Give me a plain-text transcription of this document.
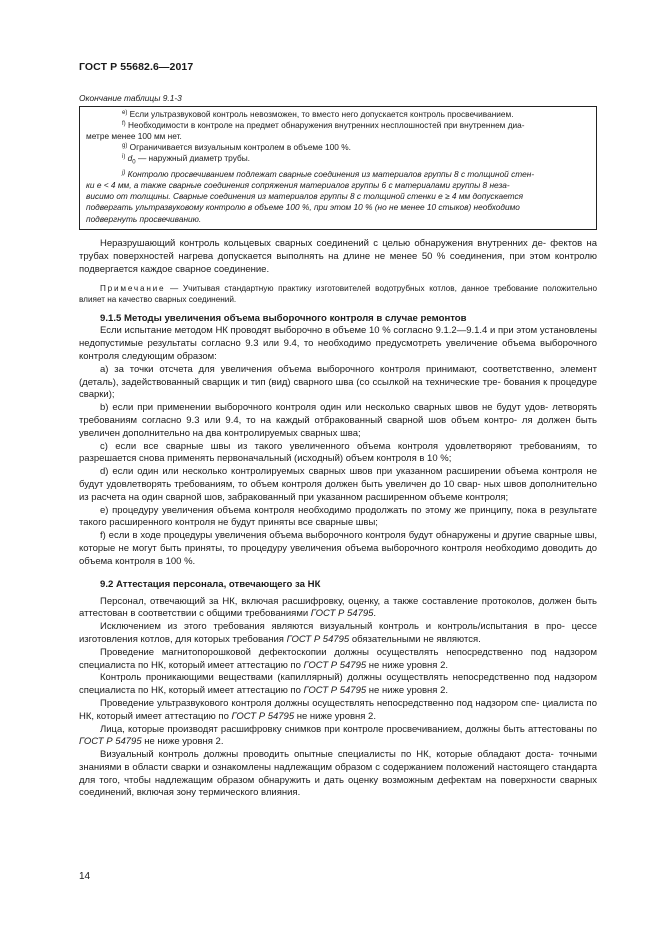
ГОСТ Р 55682.6—2017
Окончание таблицы 9.1-3
$^{e)}$ Если ультразвуковой контроль невозможен, то вместо него допускается контроль просвечиванием.
$^{f)}$ Необходимости в контроле на предмет обнаружения внутренних несплошностей при внутреннем диа-
метре менее 100 мм нет.
$^{g)}$ Ограничивается визуальным контролем в объеме 100 %.
$^{i)}$ $d_0$ — наружный диаметр трубы.
$^{j)}$ Контролю просвечиванием подлежат сварные соединения из материалов группы 8 с толщиной стен-
ки е < 4 мм, а также сварные соединения сопряжения материалов группы 6 с материалами группы 8 неза-
висимо от толщины. Сварные соединения из материалов группы 8 с толщиной стенки е ≥ 4 мм допускается
подвергать ультразвуковому контролю в объеме 100 %, при этом 10 % (но не менее 10 стыков) необходимо
подвергнуть просвечиванию.

Неразрушающий контроль кольцевых сварных соединений с целью обнаружения внутренних де- фектов на трубах поверхностей нагрева допускается выполнять на длине не менее 50 % соединения, при этом контролю подвергается каждое сварное соединение.

Примечание — Учитывая стандартную практику изготовителей водотрубных котлов, данное требование положительно влияет на качество сварных соединений.

9.1.5 Методы увеличения объема выборочного контроля в случае ремонтов

Если испытание методом НК проводят выборочно в объеме 10 % согласно 9.1.2—9.1.4 и при этом установлены недопустимые результаты согласно 9.3 или 9.4, то необходимо предусмотреть увеличение объема выборочного контроля следующим образом:

а) за точки отсчета для увеличения объема выборочного контроля принимают, соответственно, элемент (деталь), задействованный сварщик и тип (вид) сварного шва (со ссылкой на технические тре- бования к процедуре сварки);

b) если при применении выборочного контроля один или несколько сварных швов не будут удов- летворять требованиям согласно 9.3 или 9.4, то на каждый отбракованный сварной шов объем контро- ля должен быть увеличен дополнительно на два контролируемых сварных шва;

с) если все сварные швы из такого увеличенного объема контроля удовлетворяют требованиям, то разрешается снова применять первоначальный (исходный) объем контроля в 10 %;

d) если один или несколько контролируемых сварных швов при указанном расширении объема контроля не будут удовлетворять требованиям, то объем контроля должен быть увеличен до 10 свар- ных швов дополнительно из расчета на один сварной шов, забракованный при указанном расширенном объеме контроля;

е) процедуру увеличения объема контроля необходимо продолжать по этому же принципу, пока в результате такого расширенного контроля не будут приняты все сварные швы;

f) если в ходе процедуры увеличения объема выборочного контроля будут обнаружены и другие сварные швы, которые не могут быть приняты, то процедуру увеличения объема выборочного контроля необходимо доводить до объема контроля в 100 %.

9.2 Аттестация персонала, отвечающего за НК

Персонал, отвечающий за НК, включая расшифровку, оценку, а также составление протоколов, должен быть аттестован в соответствии с общими требованиями ГОСТ Р 54795.

Исключением из этого требования являются визуальный контроль и контроль/испытания в про- цессе изготовления котлов, для которых требования ГОСТ Р 54795 обязательными не являются.

Проведение магнитопорошковой дефектоскопии должны осуществлять непосредственно под надзором специалиста по НК, который имеет аттестацию по ГОСТ Р 54795 не ниже уровня 2.

Контроль проникающими веществами (капиллярный) должны осуществлять непосредственно под надзором специалиста по НК, который имеет аттестацию по ГОСТ Р 54795 не ниже уровня 2.

Проведение ультразвукового контроля должны осуществлять непосредственно под надзором спе- циалиста по НК, который имеет аттестацию по ГОСТ Р 54795 не ниже уровня 2.

Лица, которые производят расшифровку снимков при контроле просвечиванием, должны быть аттестованы по ГОСТ Р 54795 не ниже уровня 2.

Визуальный контроль должны проводить опытные специалисты по НК, которые обладают доста- точными знаниями в области сварки и ознакомлены надлежащим образом с содержанием положений настоящего стандарта для того, чтобы надлежащим образом обнаружить и дать оценку возможным дефектам на поверхности сварных соединений, включая зону термического влияния.

14
